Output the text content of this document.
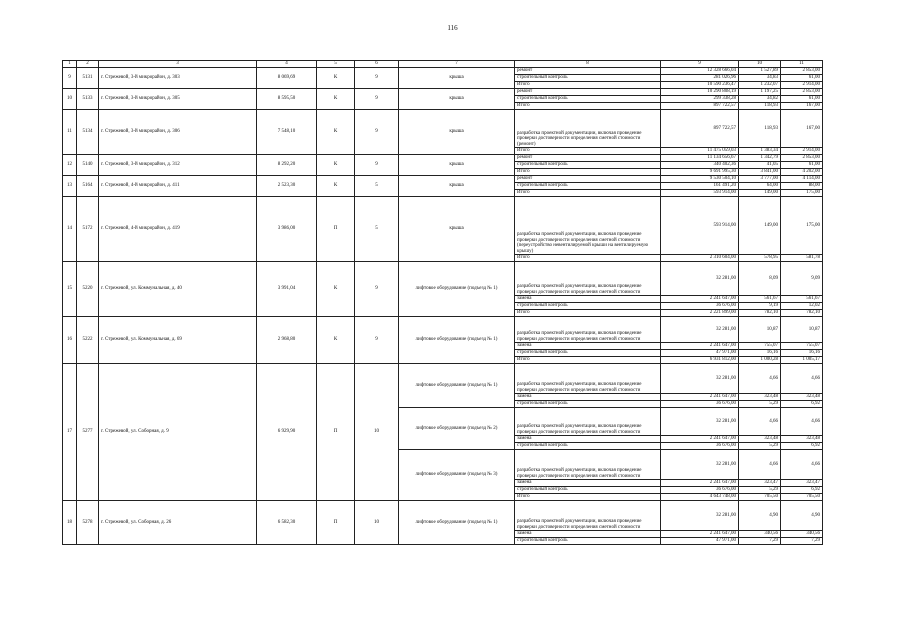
116
1	2	3	4	5	6	7	8	9	10	11
9	5131	г. Стрежевой, 3-й микрорайон, д. 303	8 069,69	К	9	крыша	ремонт	12 328 666,04	1 527,89	2 853,00
							строительный контроль	281 026,96	34,83	61,00
							Итого	10 590 236,47	1 232,07	2 914,00
10	5133	г. Стрежевой, 3-й микрорайон, д. 305	8 595,50	К	9	крыша	ремонт	10 290 808,19	1 197,25	2 853,00
							строительный контроль	299 338,28	34,82	61,00
							Итого	897 722,57	118,93	167,00
11	5134	г. Стрежевой, 3-й микрорайон, д. 306	7 548,10	К	9	крыша	разработка проектной документации, включая проведение проверки достоверности определения сметной стоимости (ремонт)	897 722,57	118,93	167,00
							Итого	11 475 059,03	1 383,34	2 914,00
12	5140	г. Стрежевой, 3-й микрорайон, д. 312	8 292,20	К	9	крыша	ремонт	11 134 656,67	1 342,79	2 853,00
							строительный контроль	340 402,36	41,05	61,00
							Итого	9 691 995,30	3 841,00	4 202,00
13	5164	г. Стрежевой, 4-й микрорайон, д. 411	2 523,30	К	5	крыша	ремонт	9 530 504,10	3 777,00	4 114,00
							строительный контроль	161 491,20	64,00	88,00
							Итого	593 914,00	149,00	175,00
14	5172	г. Стрежевой, 4-й микрорайон, д. 419	3 986,00	П	5	крыша	разработка проектной документации, включая проведение проверки достоверности определения сметной стоимости (переустройство невентилируемой крыши на вентилируемую крышу)	593 914,00	149,00	175,00
							Итого	2 310 604,00	578,95	581,78
15	5220	г. Стрежевой, ул. Коммунальная, д. 40	3 991,04	К	9	лифтовое оборудование (подъезд № 1)	разработка проектной документации, включая проведение проверки достоверности определения сметной стоимости	32 281,00	8,09	9,09
							замена	2 241 647,00	561,67	561,67
							строительный контроль	36 676,00	9,19	12,02
							Итого	2 221 899,00	782,10	782,10
16	5222	г. Стрежевой, ул. Коммунальная, д. 69	2 968,80	К	9	лифтовое оборудование (подъезд № 1)	разработка проектной документации, включая проведение проверки достоверности определения сметной стоимости	32 281,00	10,87	10,87
							замена	2 241 647,00	755,07	755,07
							строительный контроль	47 971,00	16,16	16,16
							Итого	6 931 812,00	1 000,28	1 005,17
17	5277	г. Стрежевой, ул. Соборная, д. 9	6 929,90	П	10	лифтовое оборудование (подъезд № 1)	разработка проектной документации, включая проведение проверки достоверности определения сметной стоимости	32 281,00	4,66	4,66
							замена	2 241 647,00	323,48	323,48
							строительный контроль	36 676,00	5,29	6,92
						лифтовое оборудование (подъезд № 2)	разработка проектной документации, включая проведение проверки достоверности определения сметной стоимости	32 281,00	4,66	4,66
							замена	2 241 647,00	323,48	323,48
							строительный контроль	36 676,00	5,29	6,92
						лифтовое оборудование (подъезд № 3)	разработка проектной документации, включая проведение проверки достоверности определения сметной стоимости	32 281,00	4,66	4,66
							замена	2 241 647,00	323,47	323,47
							строительный контроль	36 676,00	5,29	6,92
							Итого	4 643 748,00	705,50	705,50
18	5278	г. Стрежевой, ул. Соборная, д. 26	6 582,30	П	10	лифтовое оборудование (подъезд № 1)	разработка проектной документации, включая проведение проверки достоверности определения сметной стоимости	32 281,00	4,90	4,90
							замена	2 241 647,00	340,56	340,56
							строительный контроль	47 971,00	7,29	7,29
